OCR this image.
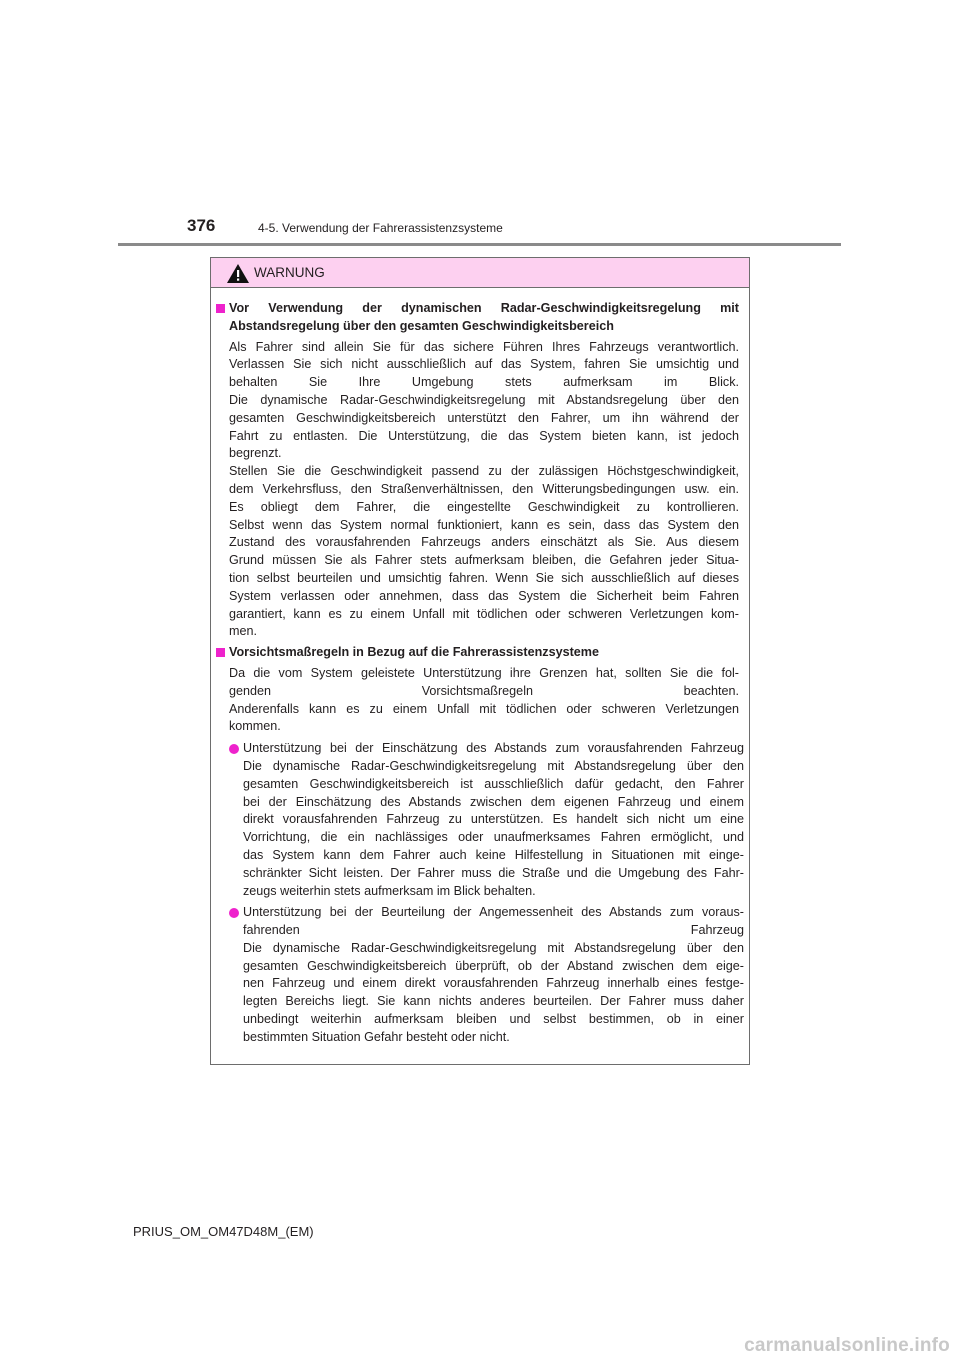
376	4-5. Verwendung der Fahrerassistenzsysteme
WARNUNG
Vor Verwendung der dynamischen Radar-Geschwindigkeitsregelung mit
Abstandsregelung über den gesamten Geschwindigkeitsbereich
Als Fahrer sind allein Sie für das sichere Führen Ihres Fahrzeugs verantwortlich.
Verlassen Sie sich nicht ausschließlich auf das System, fahren Sie umsichtig und
behalten Sie Ihre Umgebung stets aufmerksam im Blick.
Die dynamische Radar-Geschwindigkeitsregelung mit Abstandsregelung über den
gesamten Geschwindigkeitsbereich unterstützt den Fahrer, um ihn während der
Fahrt zu entlasten. Die Unterstützung, die das System bieten kann, ist jedoch
begrenzt.
Stellen Sie die Geschwindigkeit passend zu der zulässigen Höchstgeschwindigkeit,
dem Verkehrsfluss, den Straßenverhältnissen, den Witterungsbedingungen usw. ein.
Es obliegt dem Fahrer, die eingestellte Geschwindigkeit zu kontrollieren.
Selbst wenn das System normal funktioniert, kann es sein, dass das System den
Zustand des vorausfahrenden Fahrzeugs anders einschätzt als Sie. Aus diesem
Grund müssen Sie als Fahrer stets aufmerksam bleiben, die Gefahren jeder Situa-
tion selbst beurteilen und umsichtig fahren. Wenn Sie sich ausschließlich auf dieses
System verlassen oder annehmen, dass das System die Sicherheit beim Fahren
garantiert, kann es zu einem Unfall mit tödlichen oder schweren Verletzungen kom-
men.
Vorsichtsmaßregeln in Bezug auf die Fahrerassistenzsysteme
Da die vom System geleistete Unterstützung ihre Grenzen hat, sollten Sie die fol-
genden Vorsichtsmaßregeln beachten.
Anderenfalls kann es zu einem Unfall mit tödlichen oder schweren Verletzungen
kommen.
Unterstützung bei der Einschätzung des Abstands zum vorausfahrenden Fahrzeug
Die dynamische Radar-Geschwindigkeitsregelung mit Abstandsregelung über den
gesamten Geschwindigkeitsbereich ist ausschließlich dafür gedacht, den Fahrer
bei der Einschätzung des Abstands zwischen dem eigenen Fahrzeug und einem
direkt vorausfahrenden Fahrzeug zu unterstützen. Es handelt sich nicht um eine
Vorrichtung, die ein nachlässiges oder unaufmerksames Fahren ermöglicht, und
das System kann dem Fahrer auch keine Hilfestellung in Situationen mit einge-
schränkter Sicht leisten. Der Fahrer muss die Straße und die Umgebung des Fahr-
zeugs weiterhin stets aufmerksam im Blick behalten.
Unterstützung bei der Beurteilung der Angemessenheit des Abstands zum voraus-
fahrenden Fahrzeug
Die dynamische Radar-Geschwindigkeitsregelung mit Abstandsregelung über den
gesamten Geschwindigkeitsbereich überprüft, ob der Abstand zwischen dem eige-
nen Fahrzeug und einem direkt vorausfahrenden Fahrzeug innerhalb eines festge-
legten Bereichs liegt. Sie kann nichts anderes beurteilen. Der Fahrer muss daher
unbedingt weiterhin aufmerksam bleiben und selbst bestimmen, ob in einer
bestimmten Situation Gefahr besteht oder nicht.
PRIUS_OM_OM47D48M_(EM)
carmanualsonline.info
